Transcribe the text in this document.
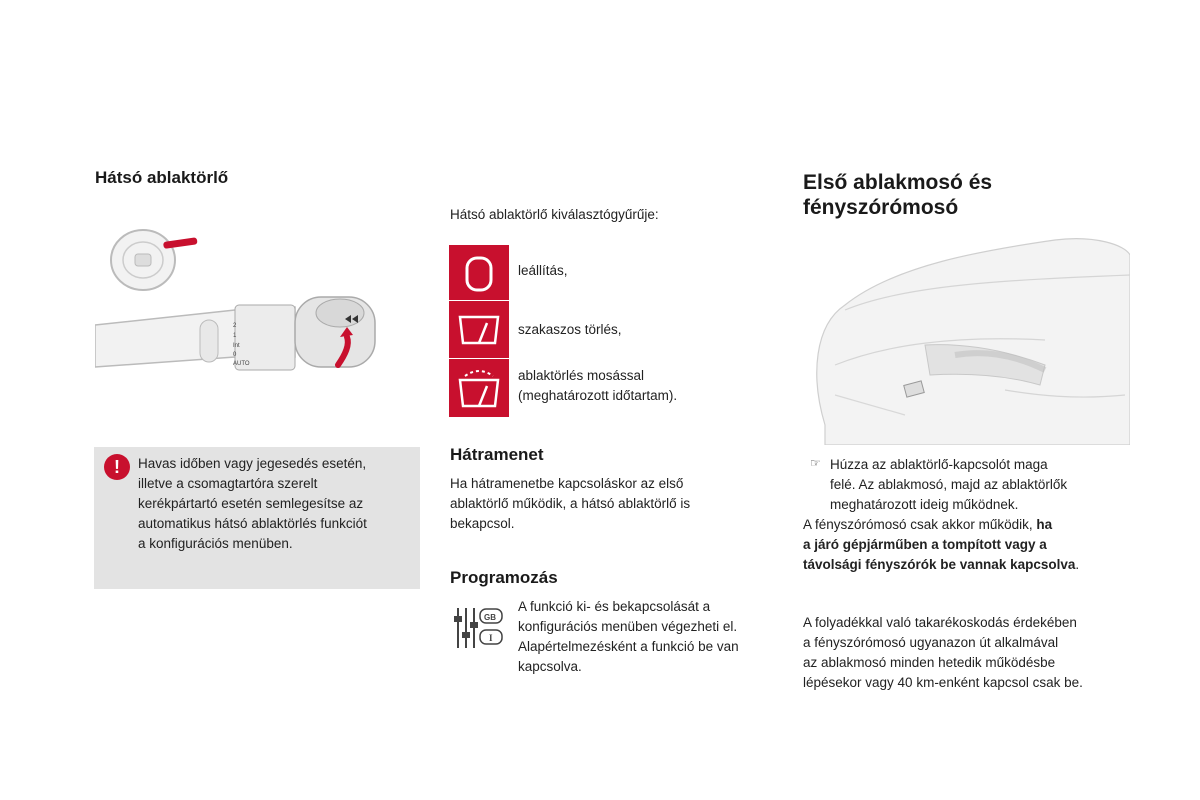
Hátsó ablaktörlő
2
1
Int
0
AUTO
!	Havas időben vagy jegesedés esetén,
illetve a csomagtartóra szerelt
kerékpártartó esetén semlegesítse az
automatikus hátsó ablaktörlés funkciót
a konfigurációs menüben.
Hátsó ablaktörlő kiválasztógyűrűje:
leállítás,
szakaszos törlés,
ablaktörlés mosással
(meghatározott időtartam).
Hátramenet
Ha hátramenetbe kapcsoláskor az első
ablaktörlő működik, a hátsó ablaktörlő is
bekapcsol.
Programozás
GB
I
A funkció ki- és bekapcsolását a
konfigurációs menüben végezheti el.
Alapértelmezésként a funkció be van
kapcsolva.
Első ablakmosó és
fényszórómosó
☞ Húzza az ablaktörlő-kapcsolót maga
felé. Az ablakmosó, majd az ablaktörlők
meghatározott ideig működnek.
A fényszórómosó csak akkor működik, ha
a járó gépjárműben a tompított vagy a
távolsági fényszórók be vannak kapcsolva.
A folyadékkal való takarékoskodás érdekében
a fényszórómosó ugyanazon út alkalmával
az ablakmosó minden hetedik működésbe
lépésekor vagy 40 km-enként kapcsol csak be.
